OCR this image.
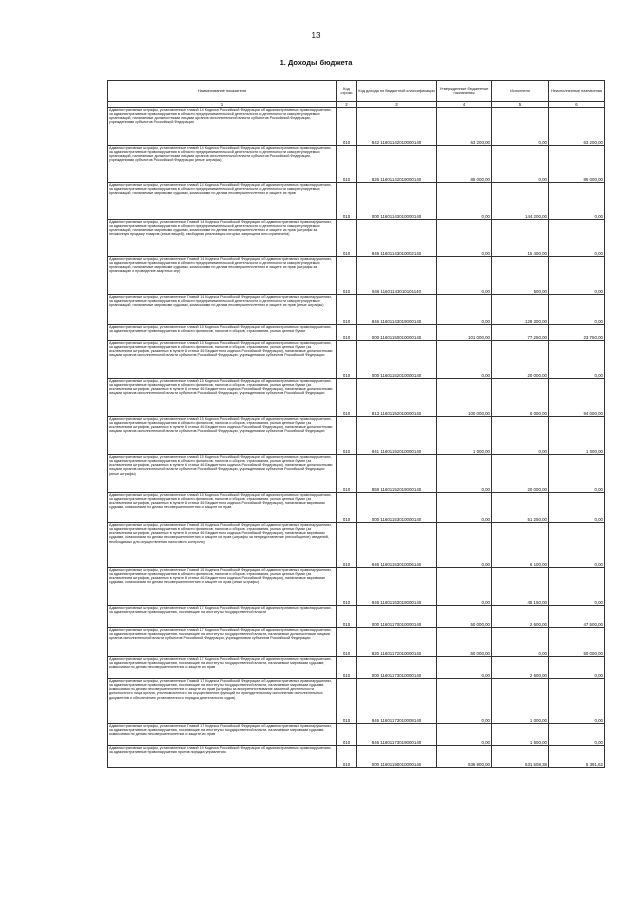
13
1. Доходы бюджета
Наименование показателя	Код строки	Код дохода по бюджетной классификации	Утвержденные бюджетные назначения	Исполнено	Неисполненные назначения
1	2	3	4	5	6
Административные штрафы, установленные главой 14 Кодекса Российской Федерации об административных правонарушениях, за административные правонарушения в области предпринимательской деятельности и деятельности саморегулируемых организаций, налагаемые должностными лицами органов исполнительной власти субъектов Российской Федерации, учреждениями субъектов Российской Федерации	010	842 11601142010000140	63 200,00	0,00	63 200,00
Административные штрафы, установленные главой 14 Кодекса Российской Федерации об административных правонарушениях, за административные правонарушения в области предпринимательской деятельности и деятельности саморегулируемых организаций, налагаемые должностными лицами органов исполнительной власти субъектов Российской Федерации, учреждениями субъектов Российской Федерации (иные штрафы)	010	826 11601142019000140	85 000,00	0,00	85 000,00
Административные штрафы, установленные главой 14 Кодекса Российской Федерации об административных правонарушениях, за административные правонарушения в области предпринимательской деятельности и деятельности саморегулируемых организаций, налагаемые мировыми судьями, комиссиями по делам несовершеннолетних и защите их прав	010	000 11601143010000140	0,00	144 200,00	0,00
Административные штрафы, установленные Главой 14 Кодекса Российской Федерации об административных правонарушениях, за административные правонарушения в области предпринимательской деятельности и деятельности саморегулируемых организаций, налагаемые мировыми судьями, комиссиями по делам несовершеннолетних и защите их прав (штрафы за незаконную продажу товаров (иные вещей), свободная реализация которых запрещена или ограничена)	010	846 11601143010002140	0,00	15 400,00	0,00
Административные штрафы, установленные Главой 14 Кодекса Российской Федерации об административных правонарушениях, за административные правонарушения в области предпринимательской деятельности и деятельности саморегулируемых организаций, налагаемые мировыми судьями, комиссиями по делам несовершеннолетних и защите их прав (штрафы за организацию и проведение азартных игр)	010	846 11601143010101140	0,00	500,00	0,00
Административные штрафы, установленные Главой 14 Кодекса Российской Федерации об административных правонарушениях, за административные правонарушения в области предпринимательской деятельности и деятельности саморегулируемых организаций, налагаемые мировыми судьями, комиссиями по делам несовершеннолетних и защите их прав (иные штрафы)	010	846 11601143019000140	0,00	128 300,00	0,00
Административные штрафы, установленные главой 15 Кодекса Российской Федерации об административных правонарушениях, за административные правонарушения в области финансов, налогов и сборов, страхования, рынка ценных бумаг	010	000 11601150010000140	101 000,00	77 250,00	23 750,00
Административные штрафы, установленные главой 15 Кодекса Российской Федерации об административных правонарушениях, за административные правонарушения в области финансов, налогов и сборов, страхования, рынка ценных бумаг (за исключением штрафов, указанных в пункте 6 статьи 46 Бюджетного кодекса Российской Федерации), налагаемые должностными лицами органов исполнительной власти субъектов Российской Федерации, учреждениями субъектов Российской Федерации	010	000 11601152010000140	0,00	20 000,00	0,00
Административные штрафы, установленные главой 15 Кодекса Российской Федерации об административных правонарушениях, за административные правонарушения в области финансов, налогов и сборов, страхования, рынка ценных бумаг (за исключением штрафов, указанных в пункте 6 статьи 46 Бюджетного кодекса Российской Федерации), налагаемые должностными лицами органов исполнительной власти субъектов Российской Федерации, учреждениями субъектов Российской Федерации	010	813 11601152010000140	100 000,00	6 000,00	94 000,00
Административные штрафы, установленные главой 15 Кодекса Российской Федерации об административных правонарушениях, за административные правонарушения в области финансов, налогов и сборов, страхования, рынка ценных бумаг (за исключением штрафов, указанных в пункте 6 статьи 46 Бюджетного кодекса Российской Федерации), налагаемые должностными лицами органов исполнительной власти субъектов Российской Федерации, учреждениями субъектов Российской Федерации	010	841 11601152010000140	1 000,00	0,00	1 000,00
Административные штрафы, установленные главой 15 Кодекса Российской Федерации об административных правонарушениях, за административные правонарушения в области финансов, налогов и сборов, страхования, рынка ценных бумаг (за исключением штрафов, указанных в пункте 6 статьи 46 Бюджетного кодекса Российской Федерации), налагаемые должностными лицами органов исполнительной власти субъектов Российской Федерации, учреждениями субъектов Российской Федерации (иные штрафы)	010	859 11601152019000140	0,00	20 000,00	0,00
Административные штрафы, установленные главой 15 Кодекса Российской Федерации об административных правонарушениях, за административные правонарушения в области финансов, налогов и сборов, страхования, рынка ценных бумаг (за исключением штрафов, указанных в пункте 6 статьи 46 Бюджетного кодекса Российской Федерации), налагаемые мировыми судьями, комиссиями по делам несовершеннолетних и защите их прав	010	000 11601153010000140	0,00	51 250,00	0,00
Административные штрафы, установленные Главой 15 Кодекса Российской Федерации об административных правонарушениях, за административные правонарушения в области финансов, налогов и сборов, страхования, рынка ценных бумаг (за исключением штрафов, указанных в пункте 6 статьи 46 Бюджетного кодекса Российской Федерации), налагаемые мировыми судьями, комиссиями по делам несовершеннолетних и защите их прав (штрафы за непредставление (несообщение) сведений, необходимых для осуществления налогового контроля)	010	846 11601153010006140	0,00	6 100,00	0,00
Административные штрафы, установленные Главой 15 Кодекса Российской Федерации об административных правонарушениях, за административные правонарушения в области финансов, налогов и сборов, страхования, рынка ценных бумаг (за исключением штрафов, указанных в пункте 6 статьи 46 Бюджетного кодекса Российской Федерации), налагаемые мировыми судьями, комиссиями по делам несовершеннолетних и защите их прав (иные штрафы)	010	846 11601153019000140	0,00	45 150,00	0,00
Административные штрафы, установленные главой 17 Кодекса Российской Федерации об административных правонарушениях, за административные правонарушения, посягающие на институты государственной власти	010	000 11601170010000140	50 000,00	2 500,00	47 500,00
Административные штрафы, установленные главой 17 Кодекса Российской Федерации об административных правонарушениях, за административные правонарушения, посягающие на институты государственной власти, налагаемые должностными лицами органов исполнительной власти субъектов Российской Федерации, учреждениями субъектов Российской Федерации	010	820 11601172010000140	50 000,00	0,00	50 000,00
Административные штрафы, установленные главой 17 Кодекса Российской Федерации об административных правонарушениях, за административные правонарушения, посягающие на институты государственной власти, налагаемые мировыми судьями, комиссиями по делам несовершеннолетних и защите их прав	010	000 11601173010000140	0,00	2 500,00	0,00
Административные штрафы, установленные Главой 17 Кодекса Российской Федерации об административных правонарушениях, за административные правонарушения, посягающие на институты государственной власти, налагаемые мировыми судьями, комиссиями по делам несовершеннолетних и защите их прав (штрафы за воспрепятствование законной деятельности должностного лица органа, уполномоченного на осуществление функций по принудительному исполнению исполнительных документов и обеспечению установленного порядка деятельности судов)	010	846 11601173010008140	0,00	1 000,00	0,00
Административные штрафы, установленные Главой 17 Кодекса Российской Федерации об административных правонарушениях, за административные правонарушения, посягающие на институты государственной власти, налагаемые мировыми судьями, комиссиями по делам несовершеннолетних и защите их прав	010	846 11601173019000140	0,00	1 500,00	0,00
Административные штрафы, установленные главой 19 Кодекса Российской Федерации об административных правонарушениях, за административные правонарушения против порядка управления	010	000 11601190010000140	536 900,00	531 508,38	5 391,62
